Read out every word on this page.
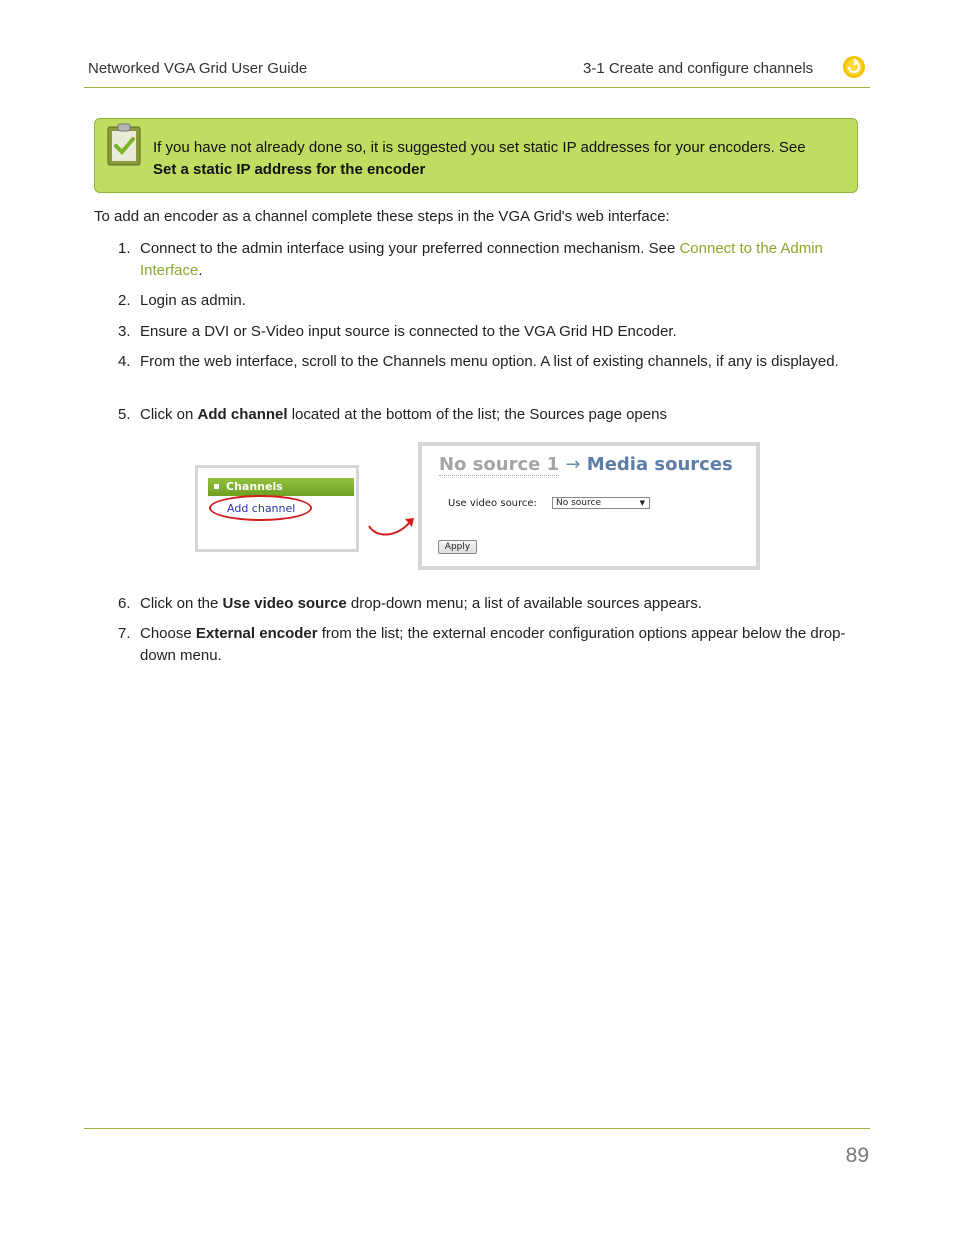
Networked VGA Grid User Guide	3-1 Create and configure channels
If you have not already done so, it is suggested you set static IP addresses for your encoders. See
Set a static IP address for the encoder
To add an encoder as a channel complete these steps in the VGA Grid's web interface:
1. Connect to the admin interface using your preferred connection mechanism. See Connect to the Admin Interface.
2. Login as admin.
3. Ensure a DVI or S-Video input source is connected to the VGA Grid HD Encoder.
4. From the web interface, scroll to the Channels menu option. A list of existing channels, if any is displayed.
5. Click on Add channel located at the bottom of the list; the Sources page opens
Channels
Add channel
No source 1 → Media sources
Use video source:	No source	▼
Apply
6. Click on the Use video source drop-down menu; a list of available sources appears.
7. Choose External encoder from the list; the external encoder configuration options appear below the drop-down menu.
89
